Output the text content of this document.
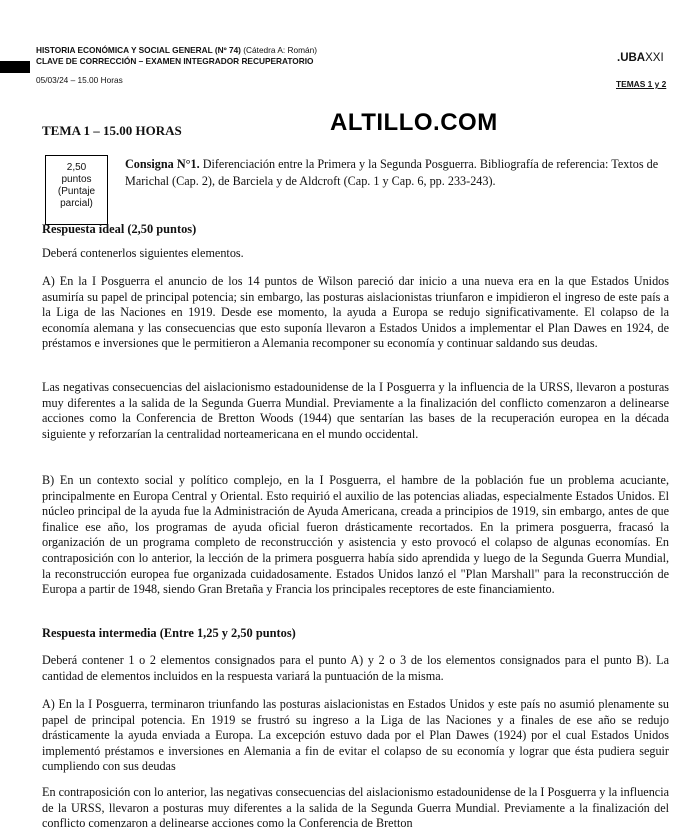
HISTORIA ECONÓMICA Y SOCIAL GENERAL (Nº 74) (Cátedra A: Román)
CLAVE DE CORRECCIÓN – EXAMEN INTEGRADOR RECUPERATORIO
05/03/24 – 15.00 Horas
.UBAXXI
TEMAS 1 y 2
ALTILLO.COM
TEMA 1 – 15.00 HORAS
2,50
puntos
(Puntaje
parcial)
Consigna N°1. Diferenciación entre la Primera y la Segunda Posguerra. Bibliografía de referencia: Textos de Marichal (Cap. 2), de Barciela y de Aldcroft (Cap. 1 y Cap. 6, pp. 233-243).
Respuesta ideal (2,50 puntos)
Deberá contenerlos siguientes elementos.
A) En la I Posguerra el anuncio de los 14 puntos de Wilson pareció dar inicio a una nueva era en la que Estados Unidos asumiría su papel de principal potencia; sin embargo, las posturas aislacionistas triunfaron e impidieron el ingreso de este país a la Liga de las Naciones en 1919. Desde ese momento, la ayuda a Europa se redujo significativamente. El colapso de la economía alemana y las consecuencias que esto suponía llevaron a Estados Unidos a implementar el Plan Dawes en 1924, de préstamos e inversiones que le permitieron a Alemania recomponer su economía y continuar saldando sus deudas.
Las negativas consecuencias del aislacionismo estadounidense de la I Posguerra y la influencia de la URSS, llevaron a posturas muy diferentes a la salida de la Segunda Guerra Mundial. Previamente a la finalización del conflicto comenzaron a delinearse acciones como la Conferencia de Bretton Woods (1944) que sentarían las bases de la recuperación europea en la década siguiente y reforzarían la centralidad norteamericana en el mundo occidental.
B) En un contexto social y político complejo, en la I Posguerra, el hambre de la población fue un problema acuciante, principalmente en Europa Central y Oriental. Esto requirió el auxilio de las potencias aliadas, especialmente Estados Unidos. El núcleo principal de la ayuda fue la Administración de Ayuda Americana, creada a principios de 1919, sin embargo, antes de que finalice ese año, los programas de ayuda oficial fueron drásticamente recortados. En la primera posguerra, fracasó la organización de un programa completo de reconstrucción y asistencia y esto provocó el colapso de algunas economías. En contraposición con lo anterior, la lección de la primera posguerra había sido aprendida y luego de la Segunda Guerra Mundial, la reconstrucción europea fue organizada cuidadosamente. Estados Unidos lanzó el "Plan Marshall" para la reconstrucción de Europa a partir de 1948, siendo Gran Bretaña y Francia los principales receptores de este financiamiento.
Respuesta intermedia (Entre 1,25 y 2,50 puntos)
Deberá contener 1 o 2 elementos consignados para el punto A) y 2 o 3 de los elementos consignados para el punto B). La cantidad de elementos incluidos en la respuesta variará la puntuación de la misma.
A) En la I Posguerra, terminaron triunfando las posturas aislacionistas en Estados Unidos y este país no asumió plenamente su papel de principal potencia. En 1919 se frustró su ingreso a la Liga de las Naciones y a finales de ese año se redujo drásticamente la ayuda enviada a Europa. La excepción estuvo dada por el Plan Dawes (1924) por el cual Estados Unidos implementó préstamos e inversiones en Alemania a fin de evitar el colapso de su economía y lograr que ésta pudiera seguir cumpliendo con sus deudas
En contraposición con lo anterior, las negativas consecuencias del aislacionismo estadounidense de la I Posguerra y la influencia de la URSS, llevaron a posturas muy diferentes a la salida de la Segunda Guerra Mundial. Previamente a la finalización del conflicto comenzaron a delinearse acciones como la Conferencia de Bretton
